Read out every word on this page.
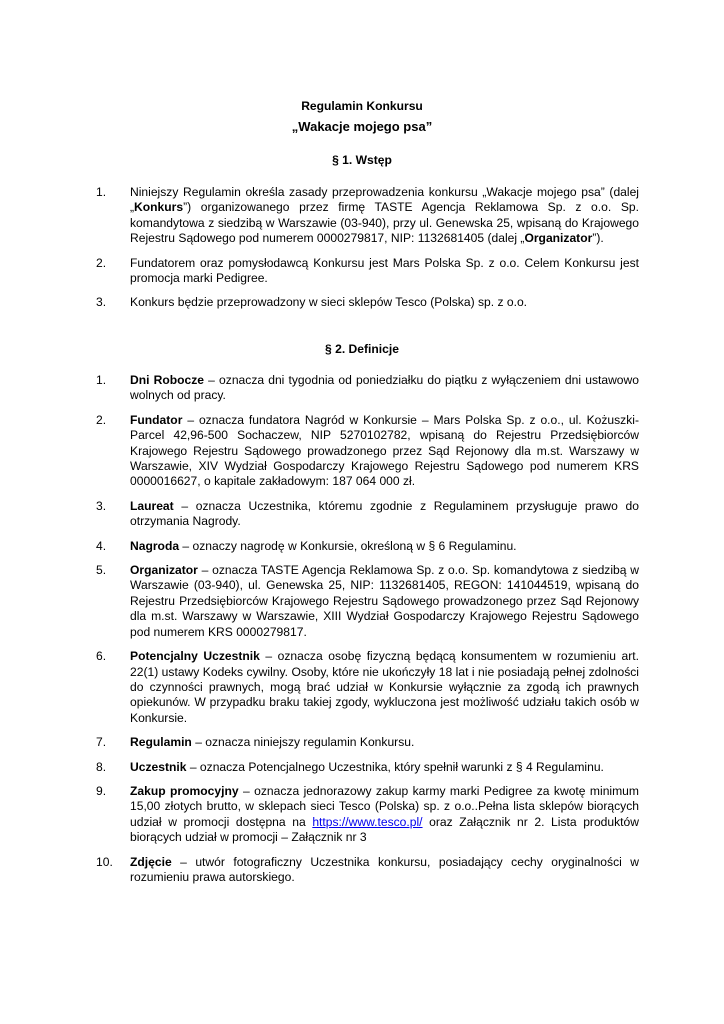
Regulamin Konkursu
„Wakacje mojego psa”
§ 1. Wstęp
1.	Niniejszy Regulamin określa zasady przeprowadzenia konkursu „Wakacje mojego psa” (dalej „Konkurs”) organizowanego przez firmę TASTE Agencja Reklamowa Sp. z o.o. Sp. komandytowa z siedzibą w Warszawie (03-940), przy ul. Genewska 25, wpisaną do Krajowego Rejestru Sądowego pod numerem 0000279817, NIP: 1132681405 (dalej „Organizator”).
2.	Fundatorem oraz pomysłodawcą Konkursu jest Mars Polska Sp. z o.o. Celem Konkursu jest promocja marki Pedigree.
3.	Konkurs będzie przeprowadzony w sieci sklepów Tesco (Polska) sp. z o.o.
§ 2. Definicje
1.	Dni Robocze – oznacza dni tygodnia od poniedziałku do piątku z wyłączeniem dni ustawowo wolnych od pracy.
2.	Fundator – oznacza fundatora Nagród w Konkursie – Mars Polska Sp. z o.o., ul. Kożuszki-Parcel 42,96-500 Sochaczew, NIP 5270102782, wpisaną do Rejestru Przedsiębiorców Krajowego Rejestru Sądowego prowadzonego przez Sąd Rejonowy dla m.st. Warszawy w Warszawie, XIV Wydział Gospodarczy Krajowego Rejestru Sądowego pod numerem KRS 0000016627, o kapitale zakładowym: 187 064 000 zł.
3.	Laureat – oznacza Uczestnika, któremu zgodnie z Regulaminem przysługuje prawo do otrzymania Nagrody.
4.	Nagroda – oznaczy nagrodę w Konkursie, określoną w § 6 Regulaminu.
5.	Organizator – oznacza TASTE Agencja Reklamowa Sp. z o.o. Sp. komandytowa z siedzibą w Warszawie (03-940), ul. Genewska 25, NIP: 1132681405, REGON: 141044519, wpisaną do Rejestru Przedsiębiorców Krajowego Rejestru Sądowego prowadzonego przez Sąd Rejonowy dla m.st. Warszawy w Warszawie, XIII Wydział Gospodarczy Krajowego Rejestru Sądowego pod numerem KRS 0000279817.
6.	Potencjalny Uczestnik – oznacza osobę fizyczną będącą konsumentem w rozumieniu art. 22(1) ustawy Kodeks cywilny. Osoby, które nie ukończyły 18 lat i nie posiadają pełnej zdolności do czynności prawnych, mogą brać udział w Konkursie wyłącznie za zgodą ich prawnych opiekunów. W przypadku braku takiej zgody, wykluczona jest możliwość udziału takich osób w Konkursie.
7.	Regulamin – oznacza niniejszy regulamin Konkursu.
8.	Uczestnik – oznacza Potencjalnego Uczestnika, który spełnił warunki z § 4 Regulaminu.
9.	Zakup promocyjny – oznacza jednorazowy zakup karmy marki Pedigree za kwotę minimum 15,00 złotych brutto, w sklepach sieci Tesco (Polska) sp. z o.o..Pełna lista sklepów biorących udział w promocji dostępna na https://www.tesco.pl/ oraz Załącznik nr 2. Lista produktów biorących udział w promocji – Załącznik nr 3
10.	Zdjęcie – utwór fotograficzny Uczestnika konkursu, posiadający cechy oryginalności w rozumieniu prawa autorskiego.
